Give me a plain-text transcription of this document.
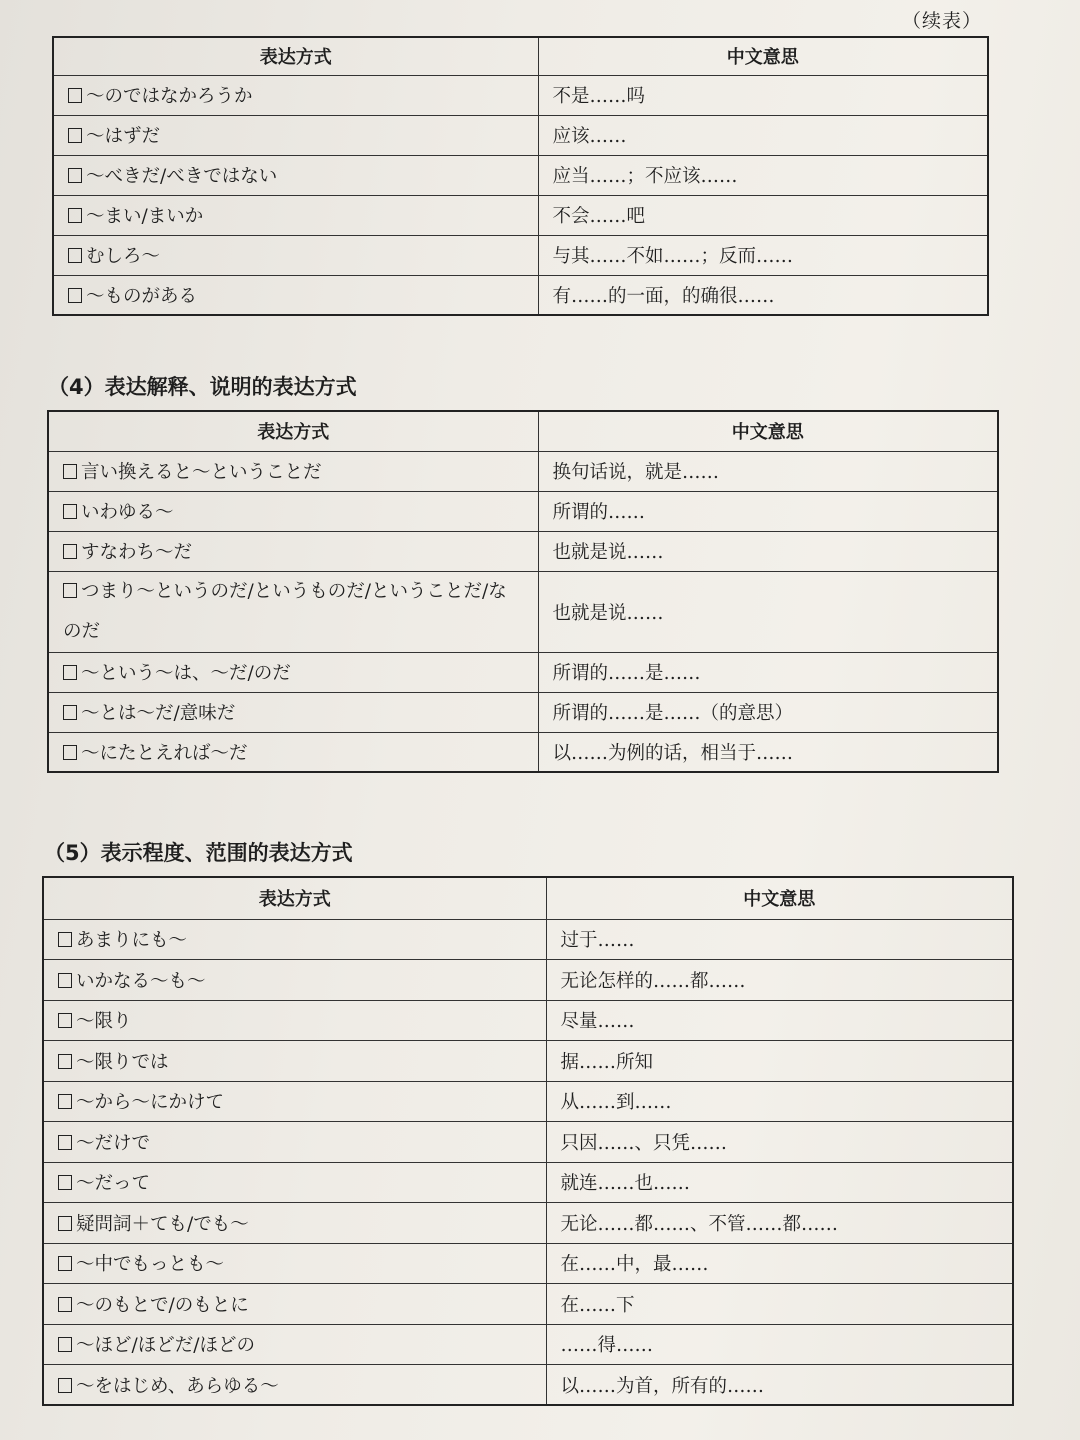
（续表）
表达方式	中文意思
～のではなかろうか	不是……吗
～はずだ	应该……
～べきだ/べきではない	应当……；不应该……
～まい/まいか	不会……吧
むしろ～	与其……不如……；反而……
～ものがある	有……的一面，的确很……
（4）表达解释、说明的表达方式
表达方式	中文意思
言い換えると～ということだ	换句话说，就是……
いわゆる～	所谓的……
すなわち～だ	也就是说……
つまり～というのだ/というものだ/ということだ/なのだ	也就是说……
～という～は、～だ/のだ	所谓的……是……
～とは～だ/意味だ	所谓的……是……（的意思）
～にたとえれば～だ	以……为例的话，相当于……
（5）表示程度、范围的表达方式
表达方式	中文意思
あまりにも～	过于……
いかなる～も～	无论怎样的……都……
～限り	尽量……
～限りでは	据……所知
～から～にかけて	从……到……
～だけで	只因……、只凭……
～だって	就连……也……
疑問詞＋ても/でも～	无论……都……、不管……都……
～中でもっとも～	在……中，最……
～のもとで/のもとに	在……下
～ほど/ほどだ/ほどの	……得……
～をはじめ、あらゆる～	以……为首，所有的……
